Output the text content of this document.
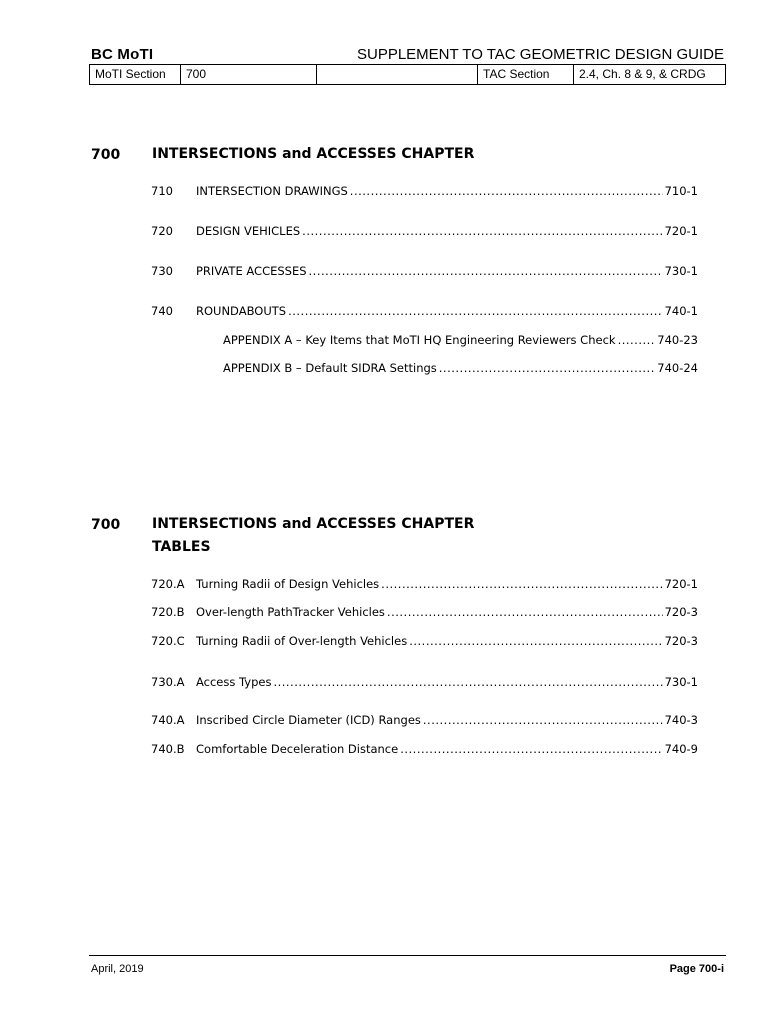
BC MoTI	SUPPLEMENT TO TAC GEOMETRIC DESIGN GUIDE
MoTI Section	700		TAC Section	2.4, Ch. 8 & 9, & CRDG
700 INTERSECTIONS and ACCESSES CHAPTER
710	INTERSECTION DRAWINGS .....	710-1
720	DESIGN VEHICLES .....	720-1
730	PRIVATE ACCESSES .....	730-1
740	ROUNDABOUTS .....	740-1
APPENDIX A – Key Items that MoTI HQ Engineering Reviewers Check .....	740-23
APPENDIX B – Default SIDRA Settings .....	740-24
700 INTERSECTIONS and ACCESSES CHAPTER
TABLES
720.A	Turning Radii of Design Vehicles .....	720-1
720.B	Over-length PathTracker Vehicles .....	720-3
720.C Turning Radii of Over-length Vehicles .....	720-3
730.A	Access Types .....	730-1
740.A	Inscribed Circle Diameter (ICD) Ranges .....	740-3
740.B	Comfortable Deceleration Distance .....	740-9
April, 2019	Page 700-i
